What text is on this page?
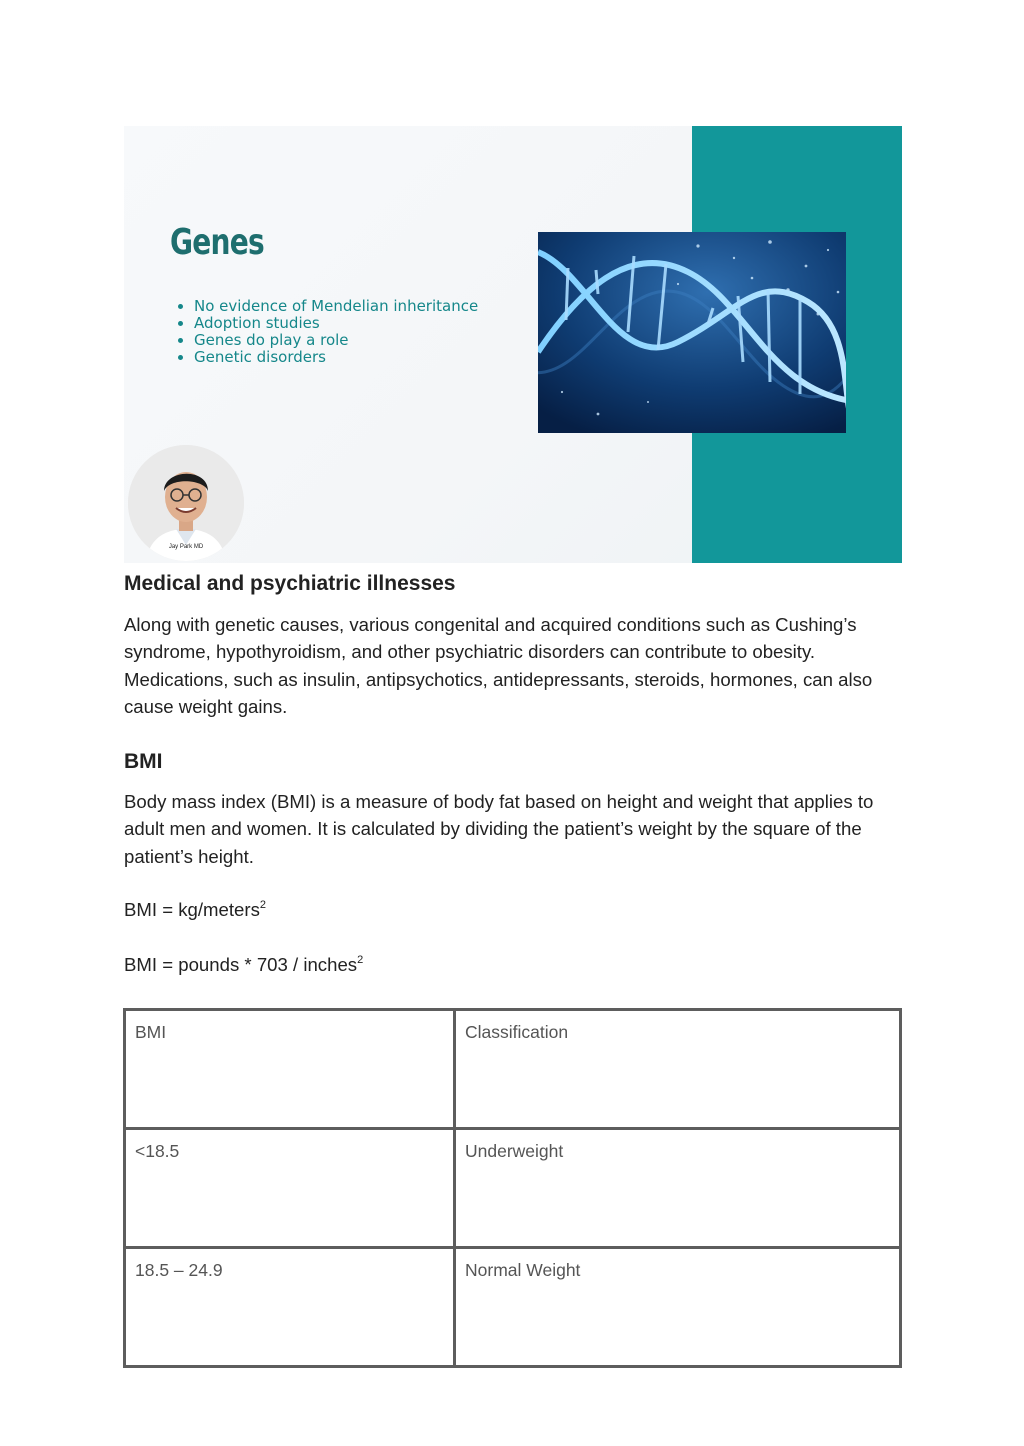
Genes
• No evidence of Mendelian inheritance
• Adoption studies
• Genes do play a role
• Genetic disorders
Jay Park MD
Medical and psychiatric illnesses

Along with genetic causes, various congenital and acquired conditions such as Cushing’s syndrome, hypothyroidism, and other psychiatric disorders can contribute to obesity. Medications, such as insulin, antipsychotics, antidepressants, steroids, hormones, can also cause weight gains.

BMI

Body mass index (BMI) is a measure of body fat based on height and weight that applies to adult men and women. It is calculated by dividing the patient’s weight by the square of the patient’s height.

BMI = kg/meters$^2$

BMI = pounds * 703 / inches$^2$

BMI	Classification
<18.5	Underweight
18.5 – 24.9	Normal Weight
